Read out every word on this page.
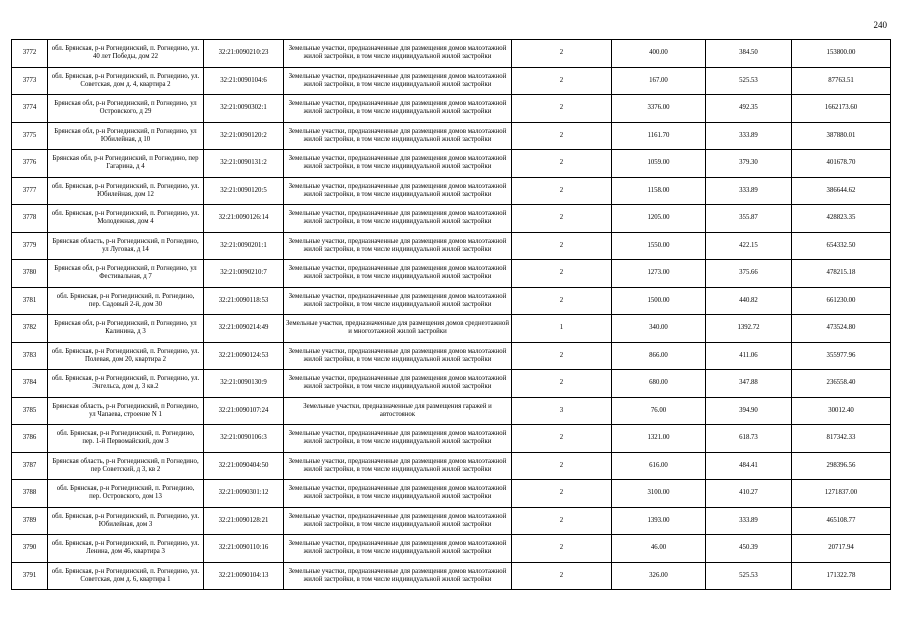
240
3772	обл. Брянская, р-н Рогнединский, п. Рогнедино, ул. 40 лет Победы, дом 22	32:21:0090210:23	Земельные участки, предназначенные для размещения домов малоэтажной жилой застройки, в том числе индивидуальной жилой застройки	2	400.00	384.50	153800.00
3773	обл. Брянская, р-н Рогнединский, п. Рогнедино, ул. Советская, дом д. 4, квартира 2	32:21:0090104:6	Земельные участки, предназначенные для размещения домов малоэтажной жилой застройки, в том числе индивидуальной жилой застройки	2	167.00	525.53	87763.51
3774	Брянская обл, р-н Рогнединский, п Рогнедино, ул Островского, д 29	32:21:0090302:1	Земельные участки, предназначенные для размещения домов малоэтажной жилой застройки, в том числе индивидуальной жилой застройки	2	3376.00	492.35	1662173.60
3775	Брянская обл, р-н Рогнединский, п Рогнедино, ул Юбилейная, д 10	32:21:0090120:2	Земельные участки, предназначенные для размещения домов малоэтажной жилой застройки, в том числе индивидуальной жилой застройки	2	1161.70	333.89	387880.01
3776	Брянская обл, р-н Рогнединский, п Рогнедино, пер Гагарина, д 4	32:21:0090131:2	Земельные участки, предназначенные для размещения домов малоэтажной жилой застройки, в том числе индивидуальной жилой застройки	2	1059.00	379.30	401678.70
3777	обл. Брянская, р-н Рогнединский, п. Рогнедино, ул. Юбилейная, дом 12	32:21:0090120:5	Земельные участки, предназначенные для размещения домов малоэтажной жилой застройки, в том числе индивидуальной жилой застройки	2	1158.00	333.89	386644.62
3778	обл. Брянская, р-н Рогнединский, п. Рогнедино, ул. Молодежная, дом 4	32:21:0090126:14	Земельные участки, предназначенные для размещения домов малоэтажной жилой застройки, в том числе индивидуальной жилой застройки	2	1205.00	355.87	428823.35
3779	Брянская область, р-н Рогнединский, п Рогнедино, ул Луговая, д 14	32:21:0090201:1	Земельные участки, предназначенные для размещения домов малоэтажной жилой застройки, в том числе индивидуальной жилой застройки	2	1550.00	422.15	654332.50
3780	Брянская обл, р-н Рогнединский, п Рогнедино, ул Фестивальная, д 7	32:21:0090210:7	Земельные участки, предназначенные для размещения домов малоэтажной жилой застройки, в том числе индивидуальной жилой застройки	2	1273.00	375.66	478215.18
3781	обл. Брянская, р-н Рогнединский, п. Рогнедино, пер. Садовый 2-й, дом 30	32:21:0090118:53	Земельные участки, предназначенные для размещения домов малоэтажной жилой застройки, в том числе индивидуальной жилой застройки	2	1500.00	440.82	661230.00
3782	Брянская обл, р-н Рогнединский, п Рогнедино, ул Калинина, д 3	32:21:0090214:49	Земельные участки, предназначенные для размещения домов среднеэтажной и многоэтажной жилой застройки	1	340.00	1392.72	473524.80
3783	обл. Брянская, р-н Рогнединский, п. Рогнедино, ул. Полевая, дом 20, квартира 2	32:21:0090124:53	Земельные участки, предназначенные для размещения домов малоэтажной жилой застройки, в том числе индивидуальной жилой застройки	2	866.00	411.06	355977.96
3784	обл. Брянская, р-н Рогнединский, п. Рогнедино, ул. Энгельса, дом д. 3 кв.2	32:21:0090130:9	Земельные участки, предназначенные для размещения домов малоэтажной жилой застройки, в том числе индивидуальной жилой застройки	2	680.00	347.88	236558.40
3785	Брянская область, р-н Рогнединский, п Рогнедино, ул Чапаева, строение N 1	32:21:0090107:24	Земельные участки, предназначенные для размещения гаражей и автостоянок	3	76.00	394.90	30012.40
3786	обл. Брянская, р-н Рогнединский, п. Рогнедино, пер. 1-й Первомайский, дом 3	32:21:0090106:3	Земельные участки, предназначенные для размещения домов малоэтажной жилой застройки, в том числе индивидуальной жилой застройки	2	1321.00	618.73	817342.33
3787	Брянская область, р-н Рогнединский, п Рогнедино, пер Советский, д 3, кв 2	32:21:0090404:50	Земельные участки, предназначенные для размещения домов малоэтажной жилой застройки, в том числе индивидуальной жилой застройки	2	616.00	484.41	298396.56
3788	обл. Брянская, р-н Рогнединский, п. Рогнедино, пер. Островского, дом 13	32:21:0090301:12	Земельные участки, предназначенные для размещения домов малоэтажной жилой застройки, в том числе индивидуальной жилой застройки	2	3100.00	410.27	1271837.00
3789	обл. Брянская, р-н Рогнединский, п. Рогнедино, ул. Юбилейная, дом 3	32:21:0090128:21	Земельные участки, предназначенные для размещения домов малоэтажной жилой застройки, в том числе индивидуальной жилой застройки	2	1393.00	333.89	465108.77
3790	обл. Брянская, р-н Рогнединский, п. Рогнедино, ул. Ленина, дом 46, квартира 3	32:21:0090110:16	Земельные участки, предназначенные для размещения домов малоэтажной жилой застройки, в том числе индивидуальной жилой застройки	2	46.00	450.39	20717.94
3791	обл. Брянская, р-н Рогнединский, п. Рогнедино, ул. Советская, дом д. 6, квартира 1	32:21:0090104:13	Земельные участки, предназначенные для размещения домов малоэтажной жилой застройки, в том числе индивидуальной жилой застройки	2	326.00	525.53	171322.78
